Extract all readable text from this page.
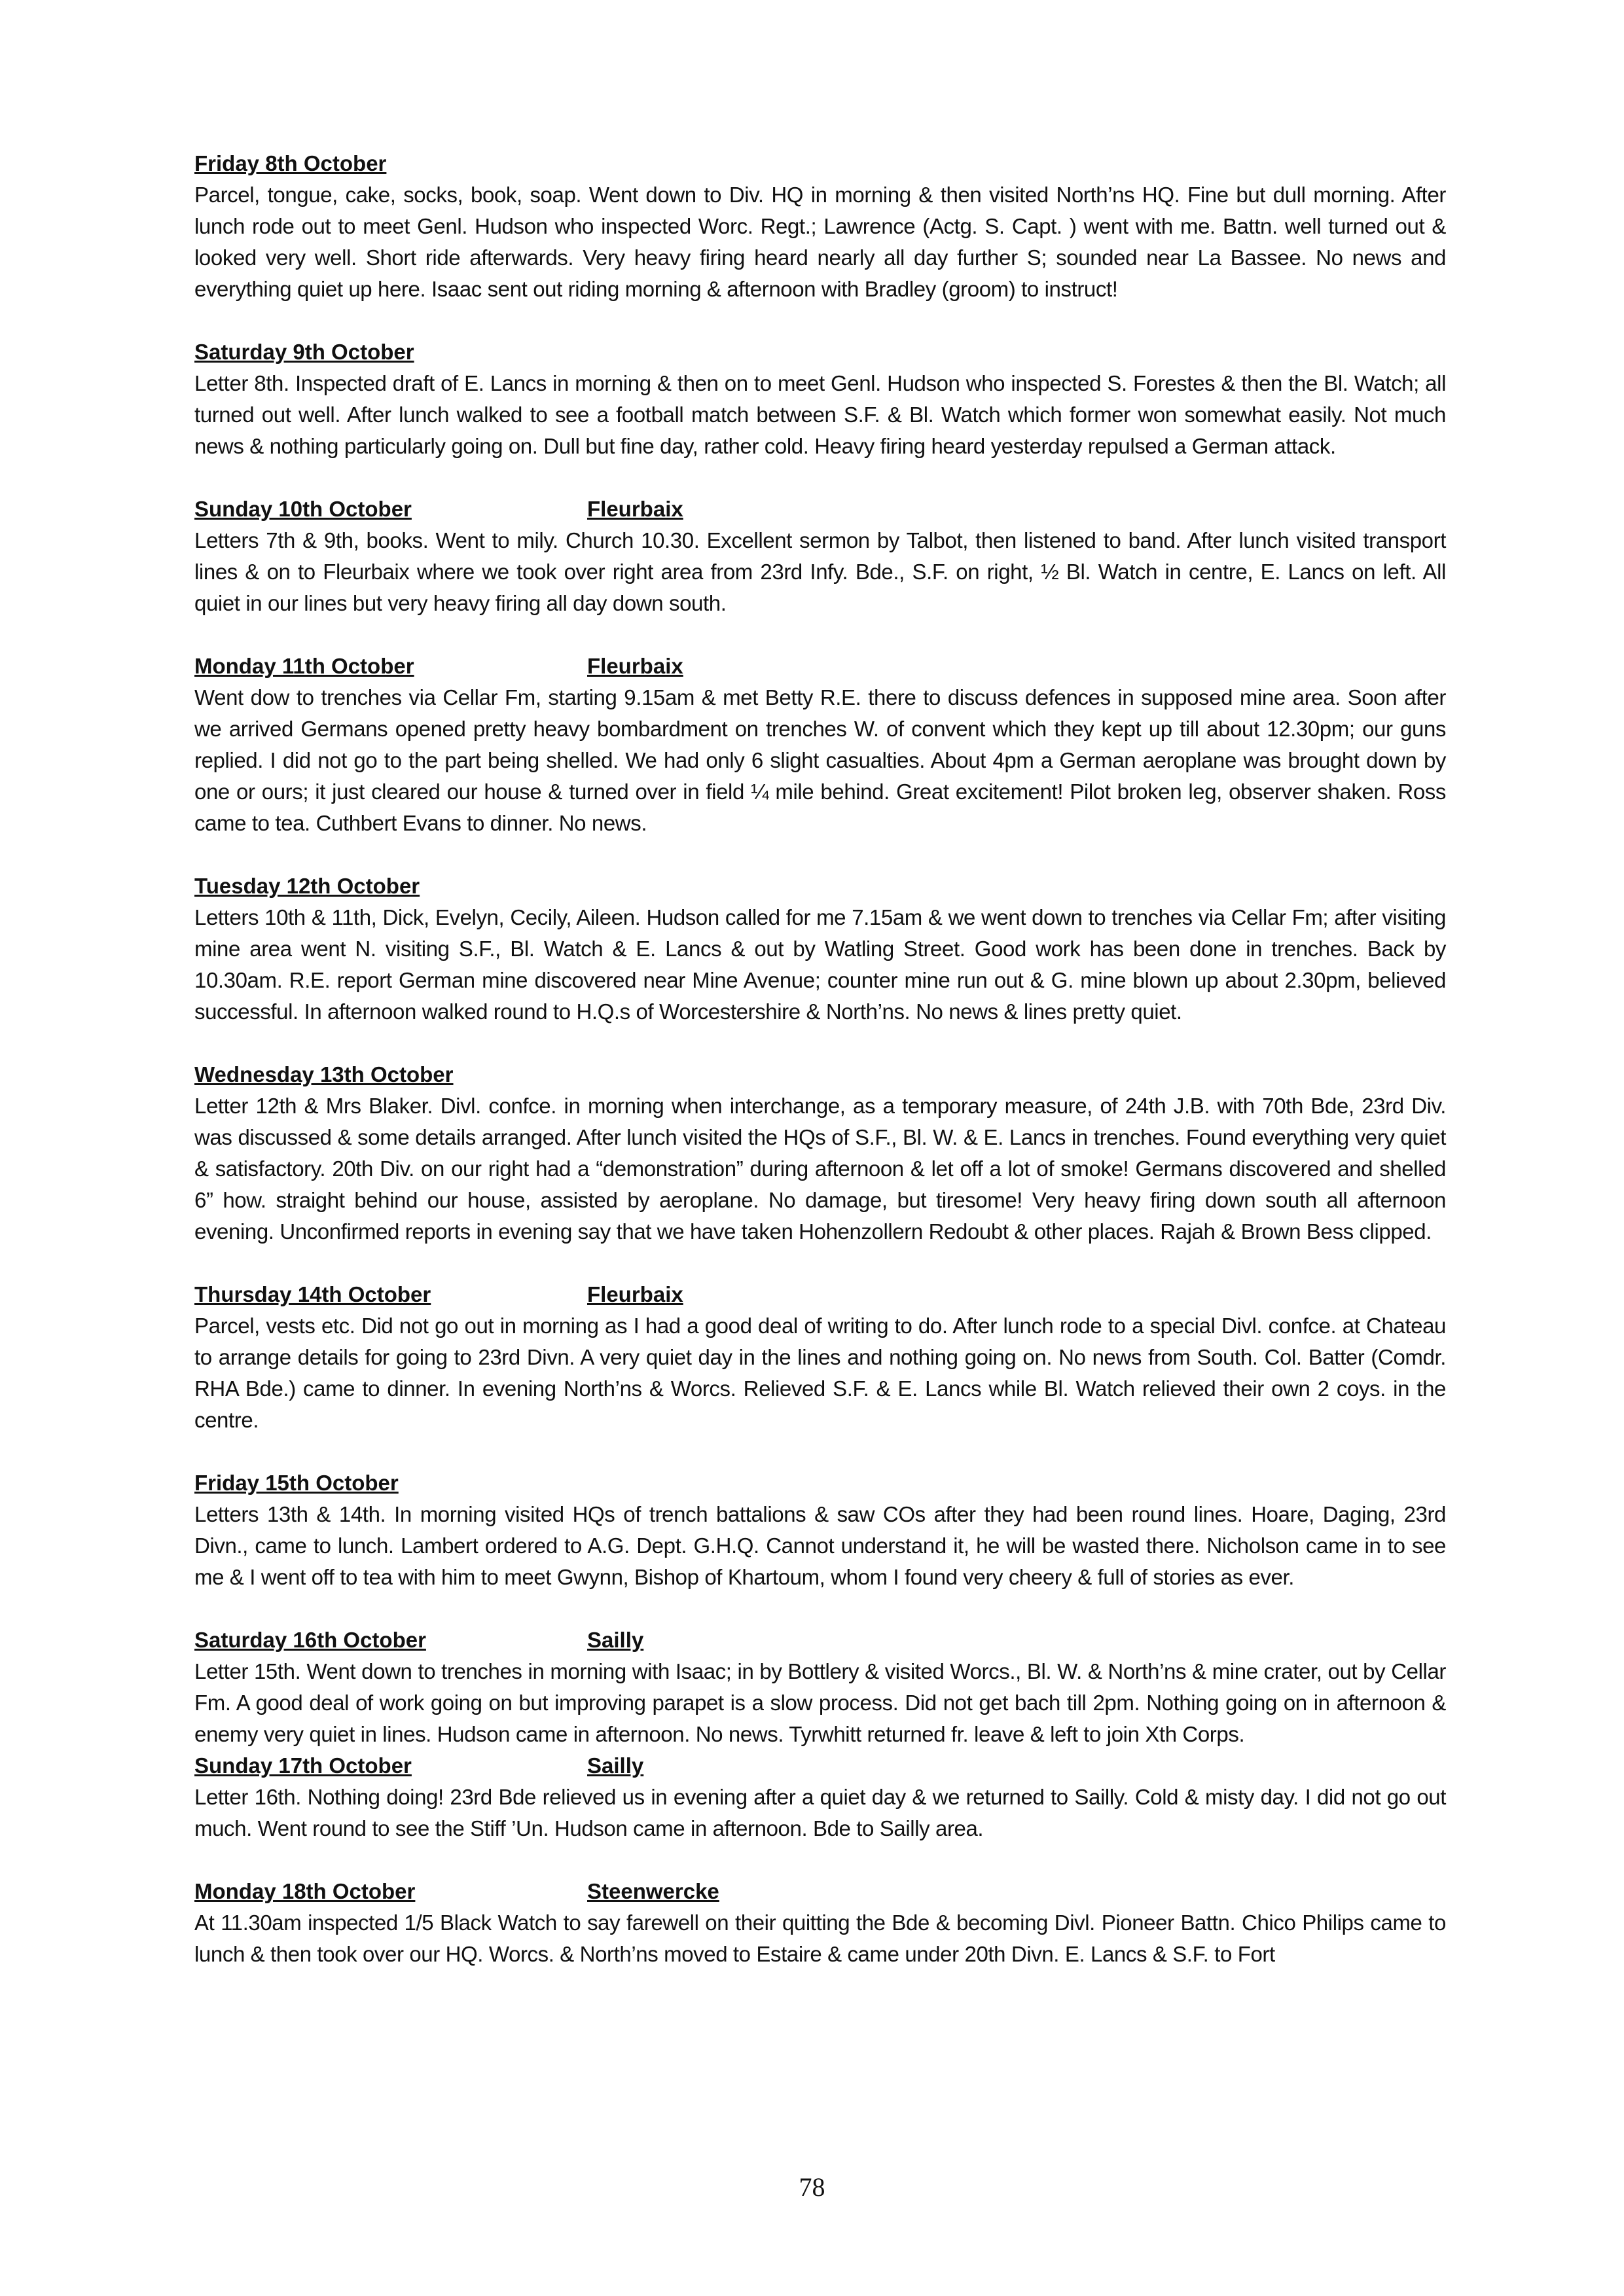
Friday 8th October
Parcel, tongue, cake, socks, book, soap. Went down to Div. HQ in morning & then visited North’ns HQ. Fine but dull morning. After lunch rode out to meet Genl. Hudson who inspected Worc. Regt.; Lawrence (Actg. S. Capt. ) went with me. Battn. well turned out & looked very well. Short ride afterwards. Very heavy firing heard nearly all day further S; sounded near La Bassee. No news and everything quiet up here. Isaac sent out riding morning & afternoon with Bradley (groom) to instruct!
Saturday 9th October
Letter 8th. Inspected draft of E. Lancs in morning & then on to meet Genl. Hudson who inspected S. Forestes & then the Bl. Watch; all turned out well. After lunch walked to see a football match between S.F. & Bl. Watch which former won somewhat easily. Not much news & nothing particularly going on. Dull but fine day, rather cold. Heavy firing heard yesterday repulsed a German attack.
Sunday 10th October	Fleurbaix
Letters 7th & 9th, books. Went to mily. Church 10.30. Excellent sermon by Talbot, then listened to band. After lunch visited transport lines & on to Fleurbaix where we took over right area from 23rd Infy. Bde., S.F. on right, ½ Bl. Watch in centre, E. Lancs on left. All quiet in our lines but very heavy firing all day down south.
Monday 11th October	Fleurbaix
Went dow to trenches via Cellar Fm, starting 9.15am & met Betty R.E. there to discuss defences in supposed mine area. Soon after we arrived Germans opened pretty heavy bombardment on trenches W. of convent which they kept up till about 12.30pm; our guns replied. I did not go to the part being shelled. We had only 6 slight casualties. About 4pm a German aeroplane was brought down by one or ours; it just cleared our house & turned over in field ¼ mile behind. Great excitement! Pilot broken leg, observer shaken. Ross came to tea. Cuthbert Evans to dinner. No news.
Tuesday 12th October
Letters 10th & 11th, Dick, Evelyn, Cecily, Aileen. Hudson called for me 7.15am & we went down to trenches via Cellar Fm; after visiting mine area went N. visiting S.F., Bl. Watch & E. Lancs & out by Watling Street. Good work has been done in trenches. Back by 10.30am. R.E. report German mine discovered near Mine Avenue; counter mine run out & G. mine blown up about 2.30pm, believed successful. In afternoon walked round to H.Q.s of Worcestershire & North’ns. No news & lines pretty quiet.
Wednesday 13th October
Letter 12th & Mrs Blaker. Divl. confce. in morning when interchange, as a temporary measure, of 24th J.B. with 70th Bde, 23rd Div. was discussed & some details arranged. After lunch visited the HQs of S.F., Bl. W. & E. Lancs in trenches. Found everything very quiet & satisfactory. 20th Div. on our right had a “demonstration” during afternoon & let off a lot of smoke! Germans discovered and shelled 6” how. straight behind our house, assisted by aeroplane. No damage, but tiresome! Very heavy firing down south all afternoon evening. Unconfirmed reports in evening say that we have taken Hohenzollern Redoubt & other places. Rajah & Brown Bess clipped.
Thursday 14th October	Fleurbaix
Parcel, vests etc. Did not go out in morning as I had a good deal of writing to do. After lunch rode to a special Divl. confce. at Chateau to arrange details for going to 23rd Divn. A very quiet day in the lines and nothing going on. No news from South. Col. Batter (Comdr. RHA Bde.) came to dinner. In evening North’ns & Worcs. Relieved S.F. & E. Lancs while Bl. Watch relieved their own 2 coys. in the centre.
Friday 15th October
Letters 13th & 14th. In morning visited HQs of trench battalions & saw COs after they had been round lines. Hoare, Daging, 23rd Divn., came to lunch. Lambert ordered to A.G. Dept. G.H.Q. Cannot understand it, he will be wasted there. Nicholson came in to see me & I went off to tea with him to meet Gwynn, Bishop of Khartoum, whom I found very cheery & full of stories as ever.
Saturday 16th October	Sailly
Letter 15th. Went down to trenches in morning with Isaac; in by Bottlery & visited Worcs., Bl. W. & North’ns & mine crater, out by Cellar Fm. A good deal of work going on but improving parapet is a slow process. Did not get bach till 2pm. Nothing going on in afternoon & enemy very quiet in lines. Hudson came in afternoon. No news. Tyrwhitt returned fr. leave & left to join Xth Corps.
Sunday 17th October	Sailly
Letter 16th. Nothing doing! 23rd Bde relieved us in evening after a quiet day & we returned to Sailly. Cold & misty day. I did not go out much. Went round to see the Stiff ’Un. Hudson came in afternoon. Bde to Sailly area.
Monday 18th October	Steenwercke
At 11.30am inspected 1/5 Black Watch to say farewell on their quitting the Bde & becoming Divl. Pioneer Battn. Chico Philips came to lunch & then took over our HQ. Worcs. & North’ns moved to Estaire & came under 20th Divn. E. Lancs & S.F. to Fort
78
